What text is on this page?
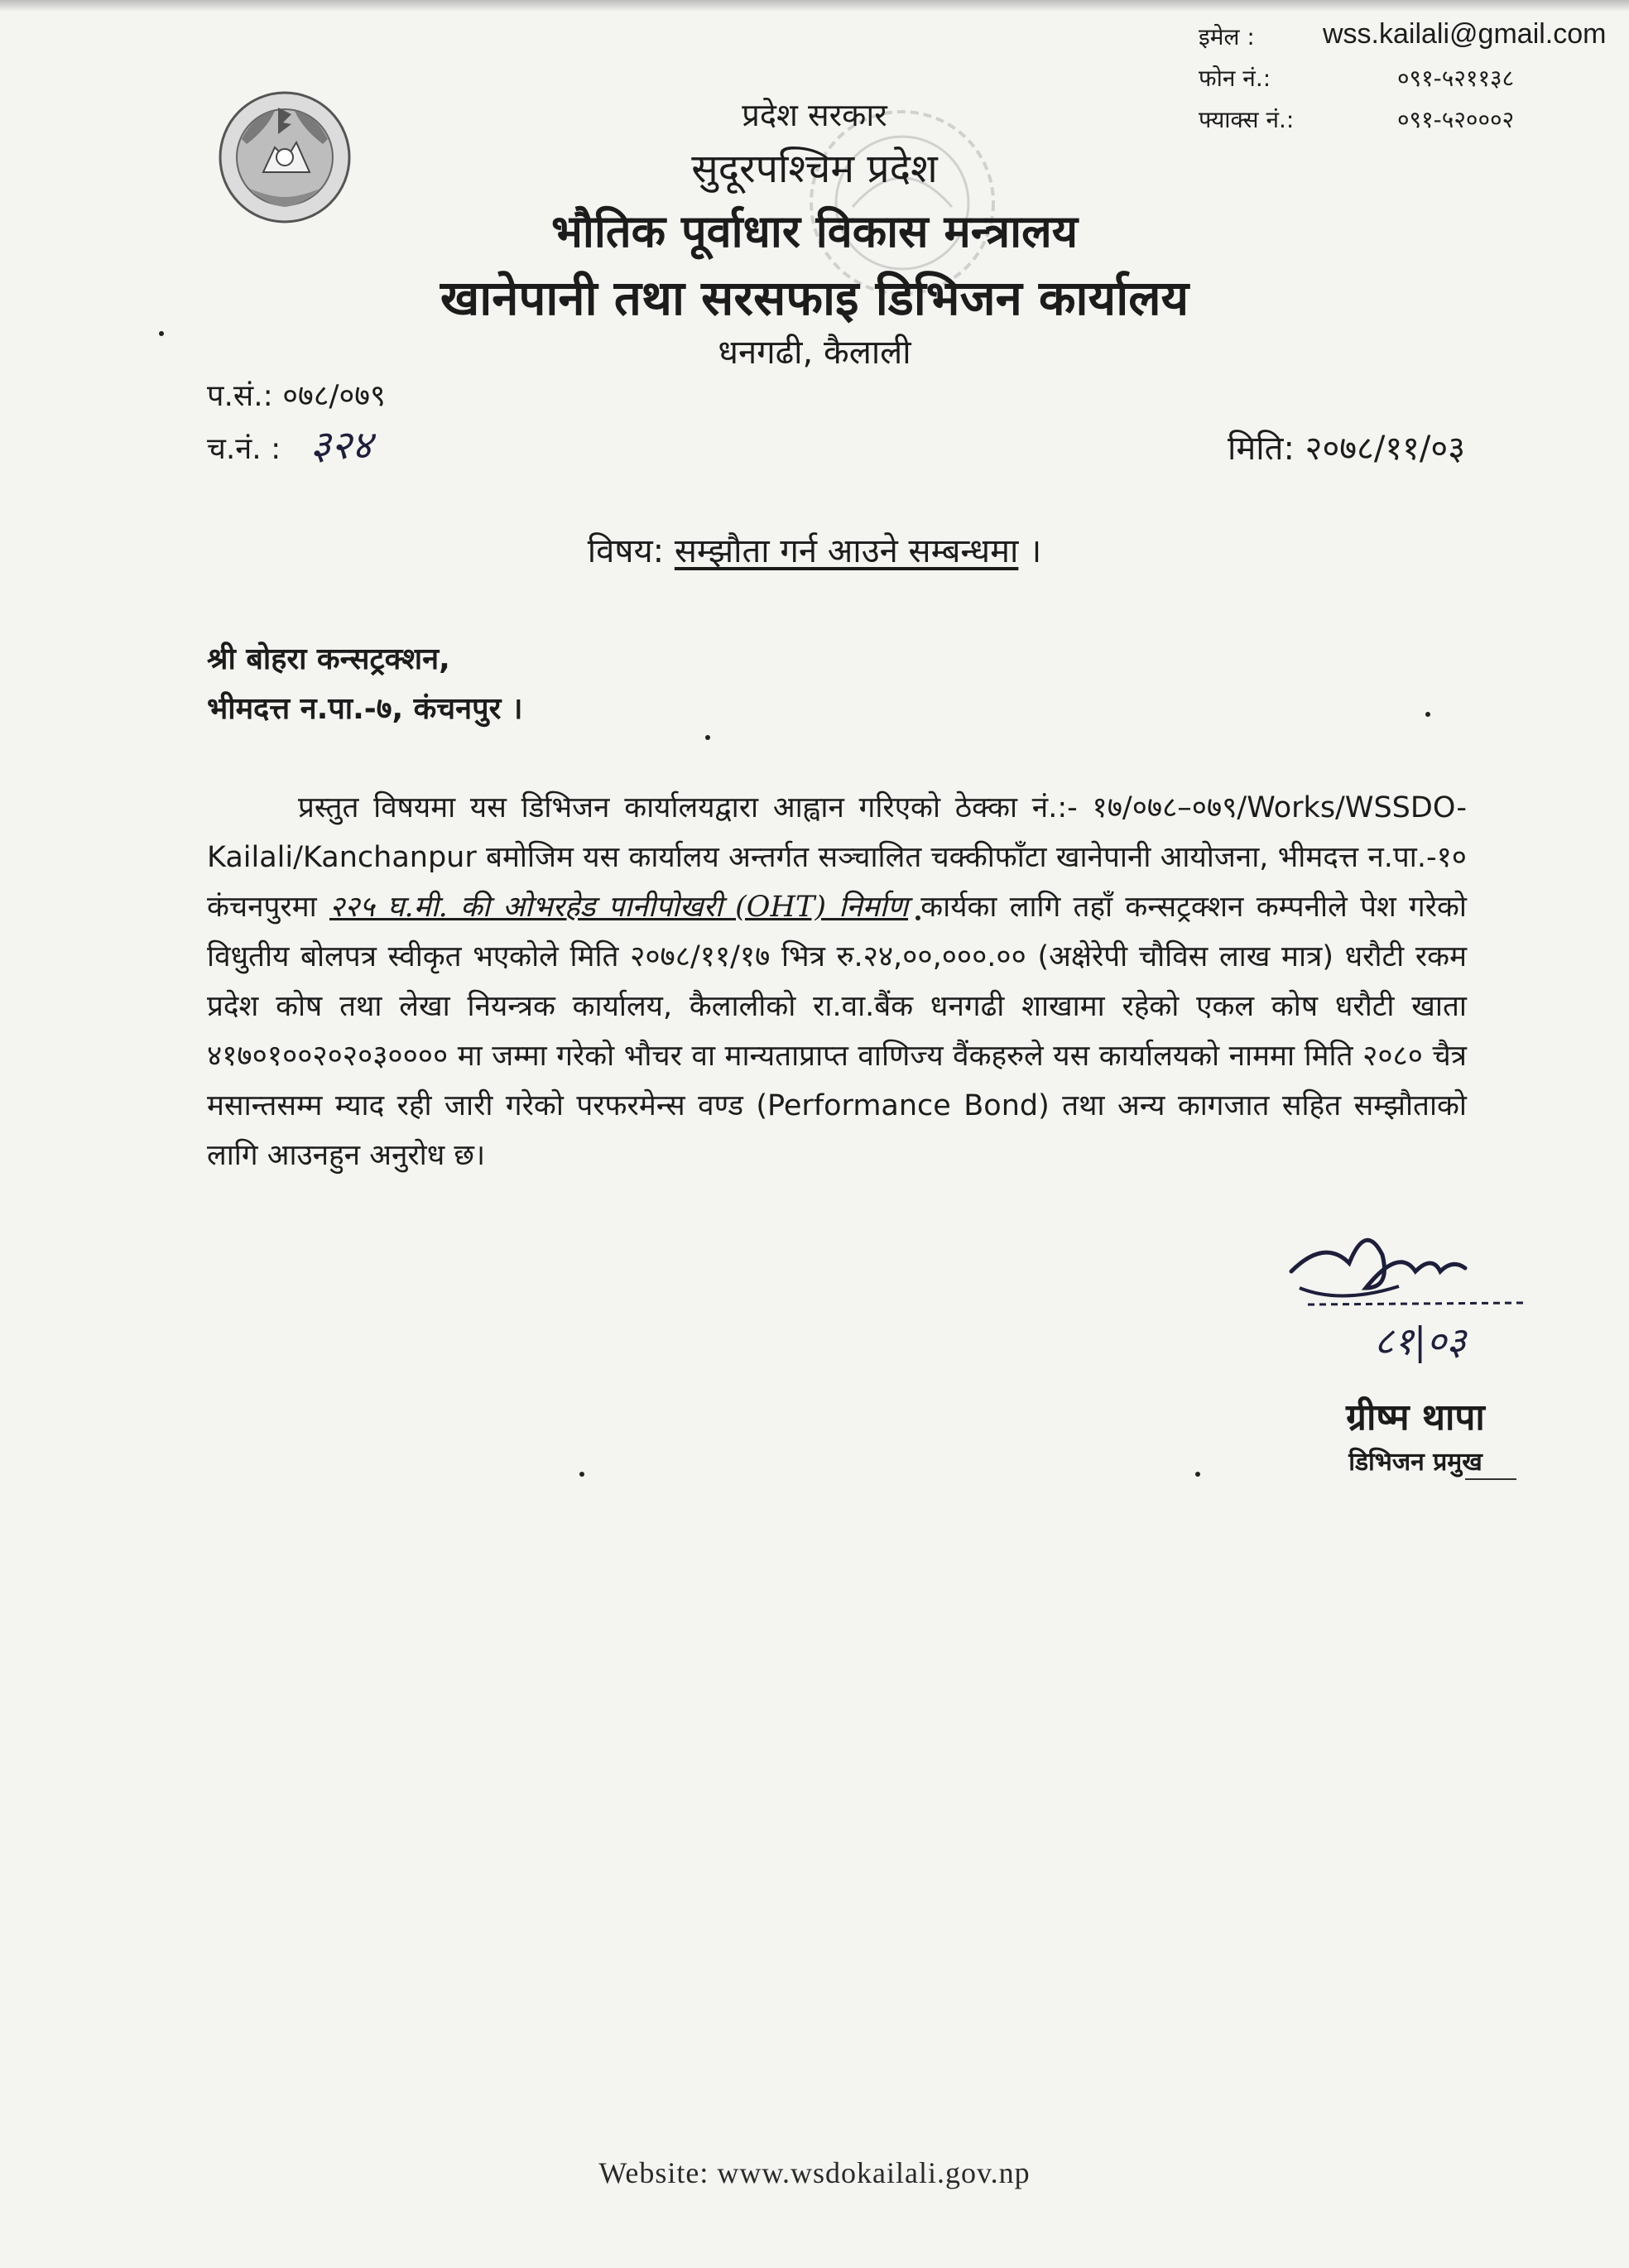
इमेल : wss.kailali@gmail.com
फोन नं.:	०९१-५२११३८
फ्याक्स नं.:	०९१-५२०००२
प्रदेश सरकार
सुदूरपश्चिम प्रदेश
भौतिक पूर्वाधार विकास मन्त्रालय
खानेपानी तथा सरसफाइ डिभिजन कार्यालय
धनगढी, कैलाली
प.सं.: ०७८/०७९
च.नं. : ३२४	मिति: २०७८/११/०३
विषय: सम्झौता गर्न आउने सम्बन्धमा ।
श्री बोहरा कन्सट्रक्शन,
भीमदत्त न.पा.-७, कंचनपुर ।

प्रस्तुत विषयमा यस डिभिजन कार्यालयद्वारा आह्वान गरिएको ठेक्का नं.:- १७/०७८–०७९/Works/WSSDO-Kailali/Kanchanpur बमोजिम यस कार्यालय अन्तर्गत सञ्चालित चक्कीफाँटा खानेपानी आयोजना, भीमदत्त न.पा.-१० कंचनपुरमा २२५ घ.मी. की ओभरहेड पानीपोखरी (OHT) निर्माण कार्यका लागि तहाँ कन्सट्रक्शन कम्पनीले पेश गरेको विधुतीय बोलपत्र स्वीकृत भएकोले मिति २०७८/११/१७ भित्र रु.२४,००,०००.०० (अक्षेरेपी चौविस लाख मात्र) धरौटी रकम प्रदेश कोष तथा लेखा नियन्त्रक कार्यालय, कैलालीको रा.वा.बैंक धनगढी शाखामा रहेको एकल कोष धरौटी खाता ४१७०१००२०२०३०००० मा जम्मा गरेको भौचर वा मान्यताप्राप्त वाणिज्य वैंकहरुले यस कार्यालयको नाममा मिति २०८० चैत्र मसान्तसम्म म्याद रही जारी गरेको परफरमेन्स वण्ड (Performance Bond) तथा अन्य कागजात सहित सम्झौताको लागि आउनहुन अनुरोध छ।

८१|०३
ग्रीष्म थापा
डिभिजन प्रमुख
Website: www.wsdokailali.gov.np
